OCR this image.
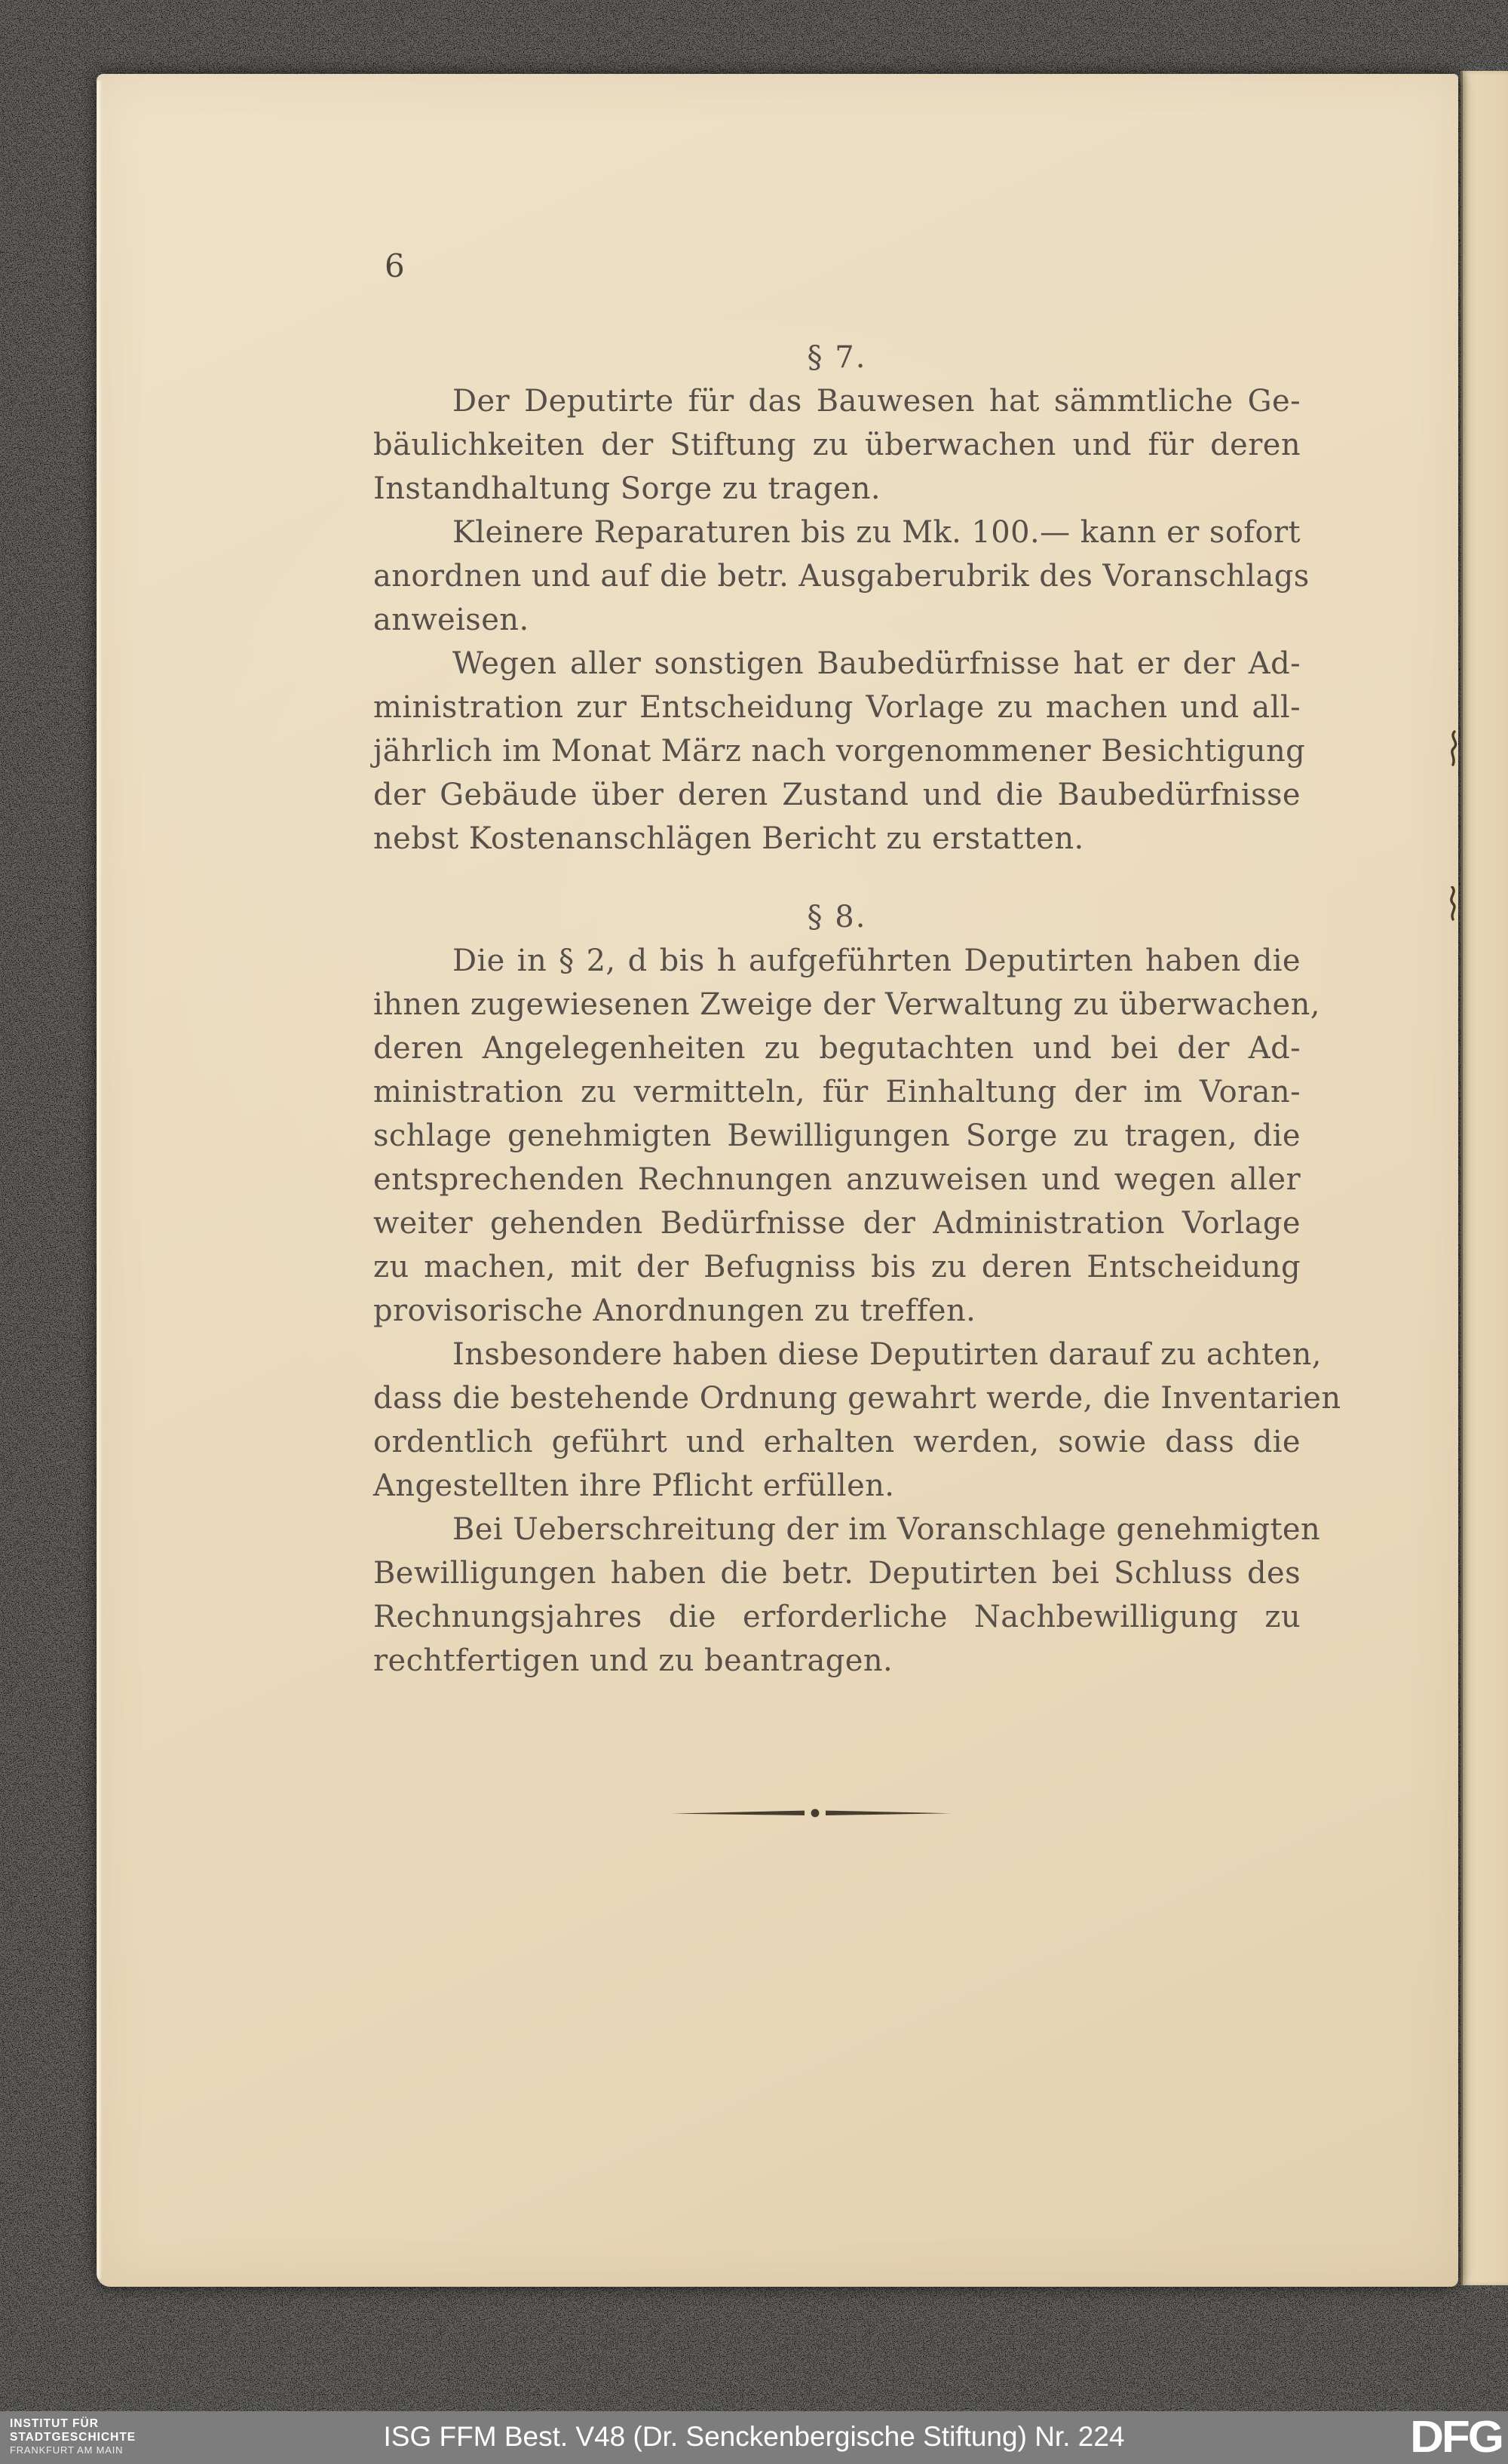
6
§ 7.
Der Deputirte für das Bauwesen hat sämmtliche Ge-
bäulichkeiten der Stiftung zu überwachen und für deren
Instandhaltung Sorge zu tragen.
Kleinere Reparaturen bis zu Mk. 100.— kann er sofort
anordnen und auf die betr. Ausgaberubrik des Voranschlags
anweisen.
Wegen aller sonstigen Baubedürfnisse hat er der Ad-
ministration zur Entscheidung Vorlage zu machen und all-
jährlich im Monat März nach vorgenommener Besichtigung
der Gebäude über deren Zustand und die Baubedürfnisse
nebst Kostenanschlägen Bericht zu erstatten.
§ 8.
Die in § 2, d bis h aufgeführten Deputirten haben die
ihnen zugewiesenen Zweige der Verwaltung zu überwachen,
deren Angelegenheiten zu begutachten und bei der Ad-
ministration zu vermitteln, für Einhaltung der im Voran-
schlage genehmigten Bewilligungen Sorge zu tragen, die
entsprechenden Rechnungen anzuweisen und wegen aller
weiter gehenden Bedürfnisse der Administration Vorlage
zu machen, mit der Befugniss bis zu deren Entscheidung
provisorische Anordnungen zu treffen.
Insbesondere haben diese Deputirten darauf zu achten,
dass die bestehende Ordnung gewahrt werde, die Inventarien
ordentlich geführt und erhalten werden, sowie dass die
Angestellten ihre Pflicht erfüllen.
Bei Ueberschreitung der im Voranschlage genehmigten
Bewilligungen haben die betr. Deputirten bei Schluss des
Rechnungsjahres die erforderliche Nachbewilligung zu
rechtfertigen und zu beantragen.
INSTITUT FÜR
STADTGESCHICHTE
FRANKFURT AM MAIN	ISG FFM Best. V48 (Dr. Senckenbergische Stiftung) Nr. 224	DFG
